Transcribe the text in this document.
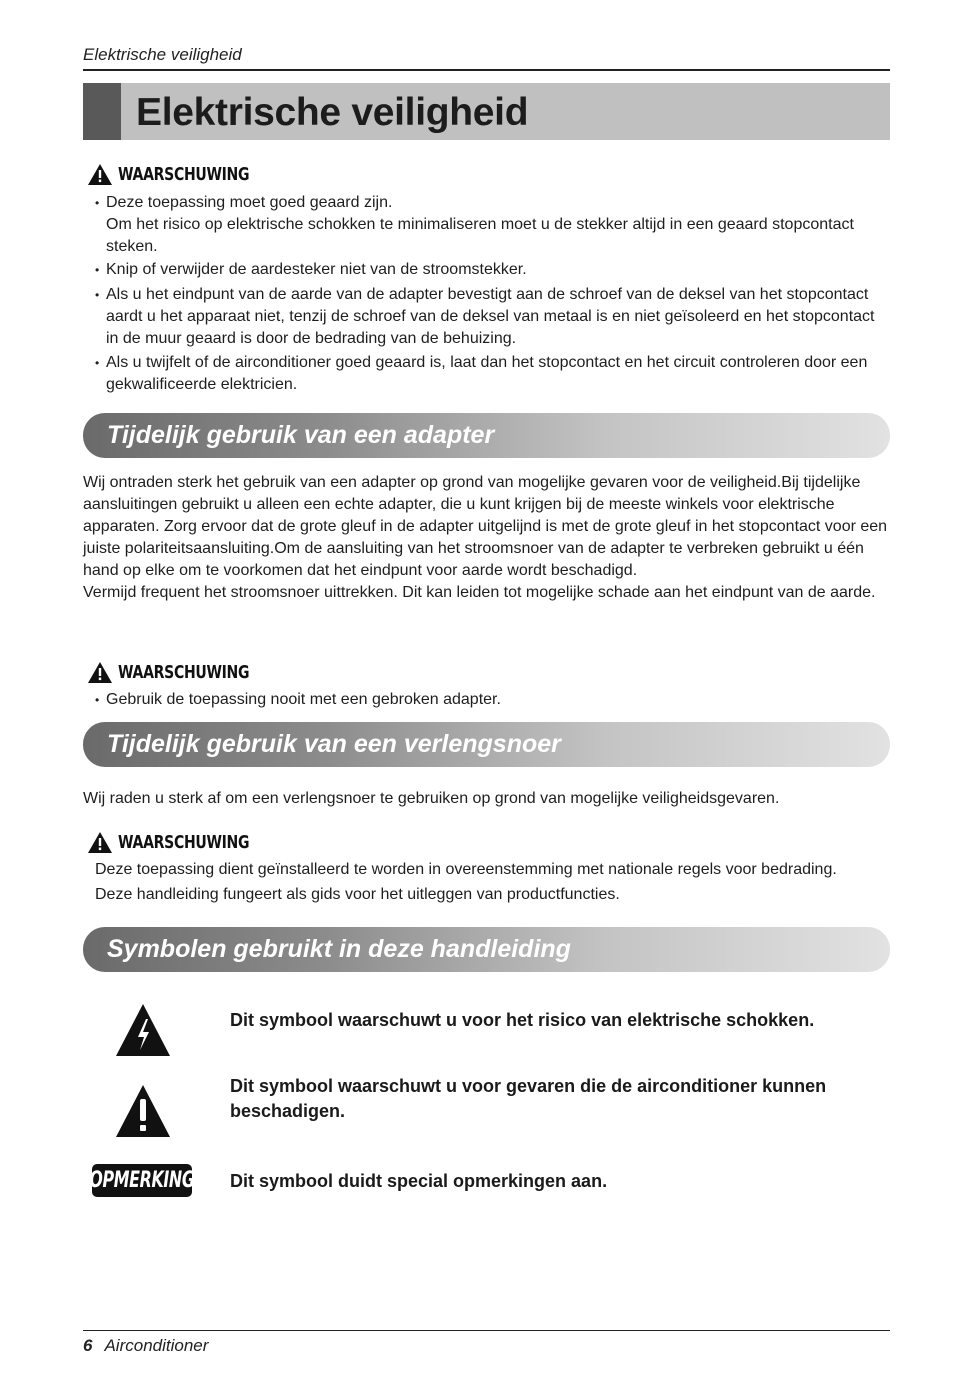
Elektrische veiligheid
Elektrische veiligheid
WAARSCHUWING
• Deze toepassing moet goed geaard zijn.
Om het risico op elektrische schokken te minimaliseren moet u de stekker altijd in een geaard stopcontact steken.
• Knip of verwijder de aardesteker niet van de stroomstekker.
• Als u het eindpunt van de aarde van de adapter bevestigt aan de schroef van de deksel van het stopcontact aardt u het apparaat niet, tenzij de schroef van de deksel van metaal is en niet geïsoleerd en het stopcontact in de muur geaard is door de bedrading van de behuizing.
• Als u twijfelt of de airconditioner goed geaard is, laat dan het stopcontact en het circuit controleren door een gekwalificeerde elektricien.
Tijdelijk gebruik van een adapter
Wij ontraden sterk het gebruik van een adapter op grond van mogelijke gevaren voor de veiligheid.Bij tijdelijke aansluitingen gebruikt u alleen een echte adapter, die u kunt krijgen bij de meeste winkels voor elektrische apparaten. Zorg ervoor dat de grote gleuf in de adapter uitgelijnd is met de grote gleuf in het stopcontact voor een juiste polariteitsaansluiting.Om de aansluiting van het stroomsnoer van de adapter te verbreken gebruikt u één hand op elke om te voorkomen dat het eindpunt voor aarde wordt beschadigd.
Vermijd frequent het stroomsnoer uittrekken. Dit kan leiden tot mogelijke schade aan het eindpunt van de aarde.
WAARSCHUWING
• Gebruik de toepassing nooit met een gebroken adapter.
Tijdelijk gebruik van een verlengsnoer
Wij raden u sterk af om een verlengsnoer te gebruiken op grond van mogelijke veiligheidsgevaren.
WAARSCHUWING
Deze toepassing dient geïnstalleerd te worden in overeenstemming met nationale regels voor bedrading.
Deze handleiding fungeert als gids voor het uitleggen van productfuncties.
Symbolen gebruikt in deze handleiding
Dit symbool waarschuwt u voor het risico van elektrische schokken.
Dit symbool waarschuwt u voor gevaren die de airconditioner kunnen beschadigen.
OPMERKING Dit symbool duidt special opmerkingen aan.
6 Airconditioner
